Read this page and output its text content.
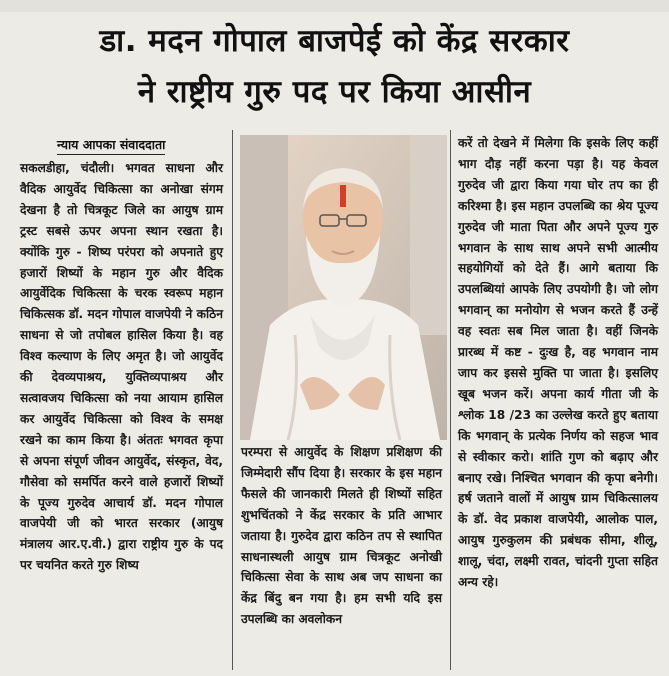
डा. मदन गोपाल बाजपेई को केंद्र सरकार
ने राष्ट्रीय गुरु पद पर किया आसीन
न्याय आपका संवाददाता

सकलडीहा, चंदौली। भगवत साधना और वैदिक आयुर्वेद चिकित्सा का अनोखा संगम देखना है तो चित्रकूट जिले का आयुष ग्राम ट्रस्ट सबसे ऊपर अपना स्थान रखता है। क्योंकि गुरु - शिष्य परंपरा को अपनाते हुए हजारों शिष्यों के महान गुरु और वैदिक आयुर्वेदिक चिकित्सा के चरक स्वरूप महान चिकित्सक डॉ. मदन गोपाल वाजपेयी ने कठिन साधना से जो तपोबल हासिल किया है। वह विश्व कल्याण के लिए अमृत है। जो आयुर्वेद की देवव्यपाश्रय, युक्तिव्यपाश्रय और सत्वावजय चिकित्सा को नया आयाम हासिल कर आयुर्वेद चिकित्सा को विश्व के समक्ष रखने का काम किया है। अंततः भगवत कृपा से अपना संपूर्ण जीवन आयुर्वेद, संस्कृत, वेद, गौसेवा को समर्पित करने वाले हजारों शिष्यों के पूज्य गुरुदेव आचार्य डॉ. मदन गोपाल वाजपेयी जी को भारत सरकार (आयुष मंत्रालय आर.ए.वी.) द्वारा राष्ट्रीय गुरु के पद पर चयनित करते गुरु शिष्य

परम्परा से आयुर्वेद के शिक्षण प्रशिक्षण की जिम्मेदारी सौंप दिया है। सरकार के इस महान फैसले की जानकारी मिलते ही शिष्यों सहित शुभचिंतको ने केंद्र सरकार के प्रति आभार जताया है। गुरुदेव द्वारा कठिन तप से स्थापित साधनास्थली आयुष ग्राम चित्रकूट अनोखी चिकित्सा सेवा के साथ अब जप साधना का केंद्र बिंदु बन गया है। हम सभी यदि इस उपलब्धि का अवलोकन

करें तो देखने में मिलेगा कि इसके लिए कहीं भाग दौड़ नहीं करना पड़ा है। यह केवल गुरुदेव जी द्वारा किया गया घोर तप का ही करिश्मा है। इस महान उपलब्धि का श्रेय पूज्य गुरुदेव जी माता पिता और अपने पूज्य गुरु भगवान के साथ साथ अपने सभी आत्मीय सहयोगियों को देते हैं। आगे बताया कि उपलब्धियां आपके लिए उपयोगी है। जो लोग भगवान् का मनोयोग से भजन करते हैं उन्हें वह स्वतः सब मिल जाता है। वहीं जिनके प्रारब्ध में कष्ट - दुःख है, वह भगवान नाम जाप कर इससे मुक्ति पा जाता है। इसलिए खूब भजन करें। अपना कार्य गीता जी के श्लोक 18 /23 का उल्लेख करते हुए बताया कि भगवान् के प्रत्येक निर्णय को सहज भाव से स्वीकार करो। शांति गुण को बढ़ाए और बनाए रखे। निश्चित भगवान की कृपा बनेगी। हर्ष जताने वालों में आयुष ग्राम चिकित्सालय के डॉ. वेद प्रकाश वाजपेयी, आलोक पाल, आयुष गुरुकुलम की प्रबंधक सीमा, शीलू, शालू, चंदा, लक्ष्मी रावत, चांदनी गुप्ता सहित अन्य रहे।
